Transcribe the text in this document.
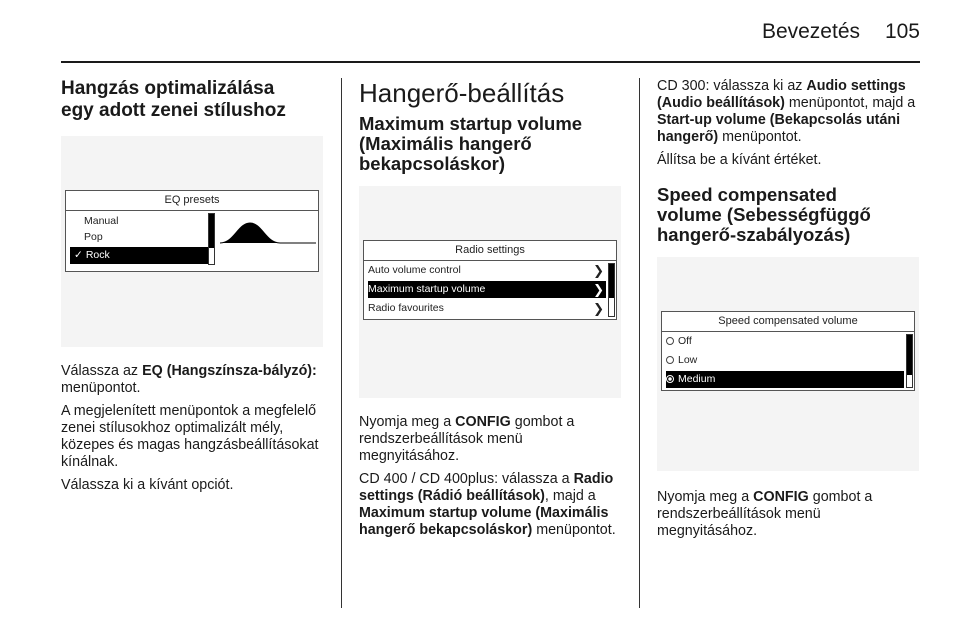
Bevezetés 105
Hangzás optimalizálása egy adott zenei stílushoz
EQ presets
Manual
Pop
✓ Rock

Válassza az EQ (Hangszínsza-bályzó): menüpontot.

A megjelenített menüpontok a megfelelő zenei stílusokhoz optimalizált mély, közepes és magas hangzásbeállításokat kínálnak.

Válassza ki a kívánt opciót.

Hangerő-beállítás
Maximum startup volume (Maximális hangerő bekapcsoláskor)
Radio settings
Auto volume control	❯
Maximum startup volume	❯
Radio favourites	❯

Nyomja meg a CONFIG gombot a rendszerbeállítások menü megnyitásához.

CD 400 / CD 400plus: válassza a Radio settings (Rádió beállítások), majd a Maximum startup volume (Maximális hangerő bekapcsoláskor) menüpontot.

CD 300: válassza ki az Audio settings (Audio beállítások) menüpontot, majd a Start-up volume (Bekapcsolás utáni hangerő) menüpontot.

Állítsa be a kívánt értéket.

Speed compensated volume (Sebességfüggő hangerő-szabályozás)
Speed compensated volume
Off
Low
Medium

Nyomja meg a CONFIG gombot a rendszerbeállítások menü megnyitásához.
